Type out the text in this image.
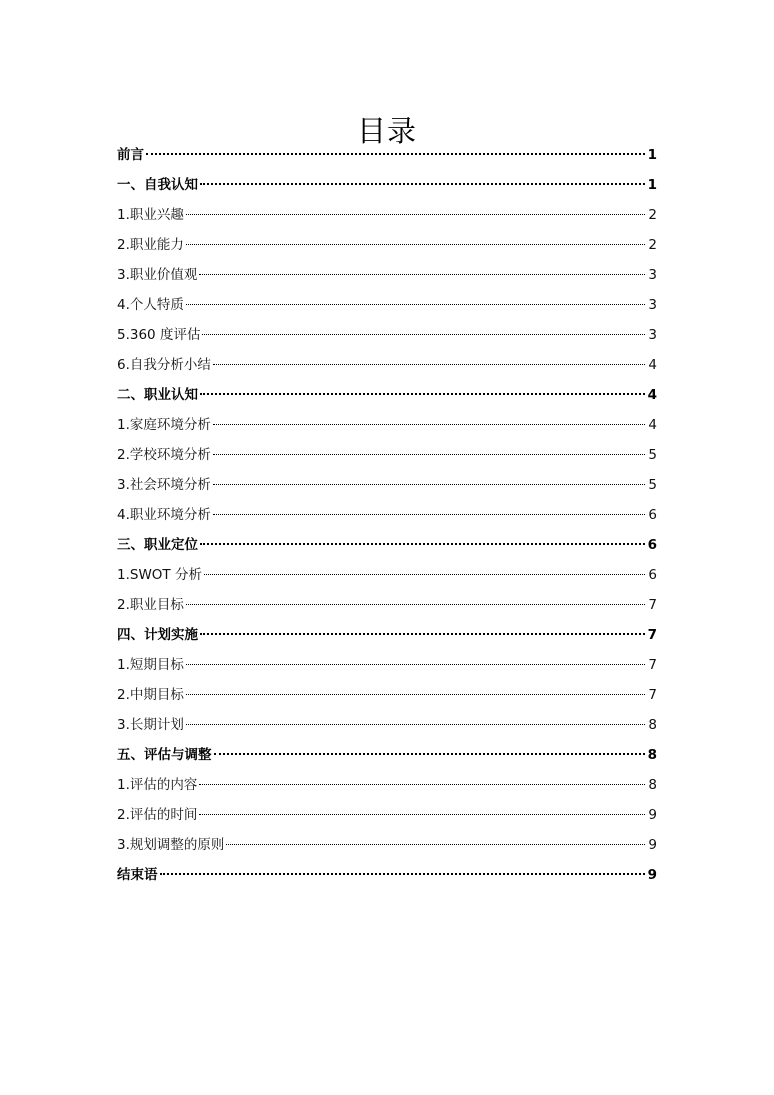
目录
前言	1
一、自我认知	1
1.职业兴趣	2
2.职业能力	2
3.职业价值观	3
4.个人特质	3
5.360 度评估	3
6.自我分析小结	4
二、职业认知	4
1.家庭环境分析	4
2.学校环境分析	5
3.社会环境分析	5
4.职业环境分析	6
三、职业定位	6
1.SWOT 分析	6
2.职业目标	7
四、计划实施	7
1.短期目标	7
2.中期目标	7
3.长期计划	8
五、评估与调整	8
1.评估的内容	8
2.评估的时间	9
3.规划调整的原则	9
结束语	9
